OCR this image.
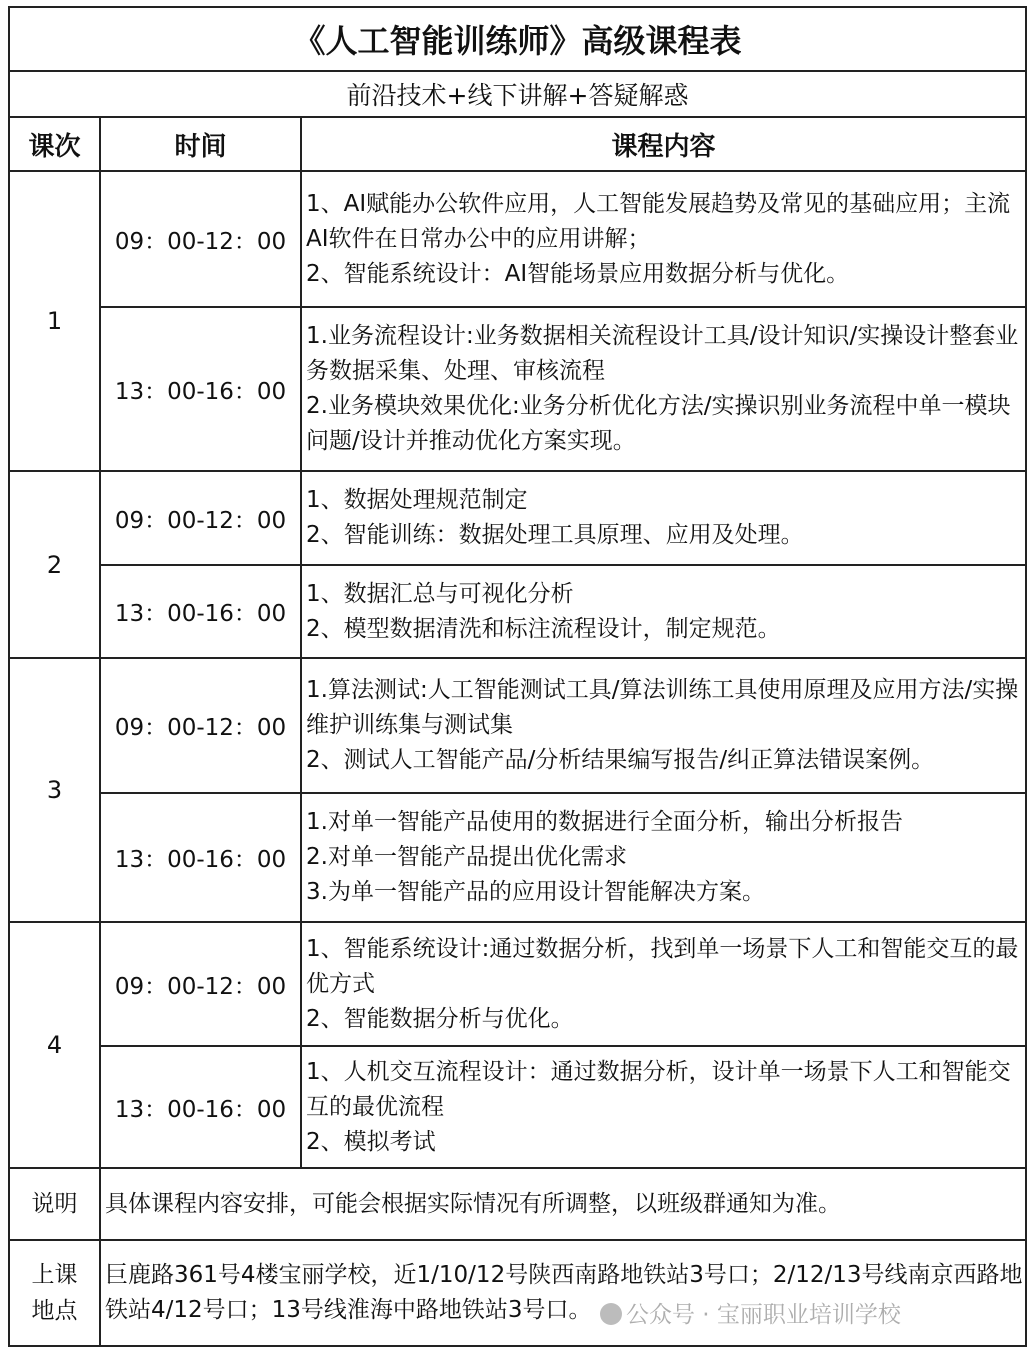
《人工智能训练师》高级课程表		
前沿技术+线下讲解+答疑解惑		
课次	时间	课程内容
1	09：00-12：00	1、AI赋能办公软件应用，人工智能发展趋势及常见的基础应用；主流AI软件在日常办公中的应用讲解；
2、智能系统设计：AI智能场景应用数据分析与优化。

	13：00-16：00	1.业务流程设计:业务数据相关流程设计工具/设计知识/实操设计整套业务数据采集、处理、审核流程
2.业务模块效果优化:业务分析优化方法/实操识别业务流程中单一模块问题/设计并推动优化方案实现。

2	09：00-12：00	1、数据处理规范制定
2、智能训练：数据处理工具原理、应用及处理。

	13：00-16：00	1、数据汇总与可视化分析
2、模型数据清洗和标注流程设计，制定规范。

3	09：00-12：00	1.算法测试:人工智能测试工具/算法训练工具使用原理及应用方法/实操维护训练集与测试集
2、测试人工智能产品/分析结果编写报告/纠正算法错误案例。

	13：00-16：00	1.对单一智能产品使用的数据进行全面分析，输出分析报告
2.对单一智能产品提出优化需求
3.为单一智能产品的应用设计智能解决方案。

4	09：00-12：00	1、智能系统设计:通过数据分析，找到单一场景下人工和智能交互的最优方式
2、智能数据分析与优化。

	13：00-16：00	1、人机交互流程设计：通过数据分析，设计单一场景下人工和智能交互的最优流程
2、模拟考试

说明	具体课程内容安排，可能会根据实际情况有所调整，以班级群通知为准。	

上课
地点	巨鹿路361号4楼宝丽学校，近1/10/12号陕西南路地铁站3号口；2/12/13号线南京西路地铁站4/12号口；13号线淮海中路地铁站3号口。		公众号 · 宝丽职业培训学校
